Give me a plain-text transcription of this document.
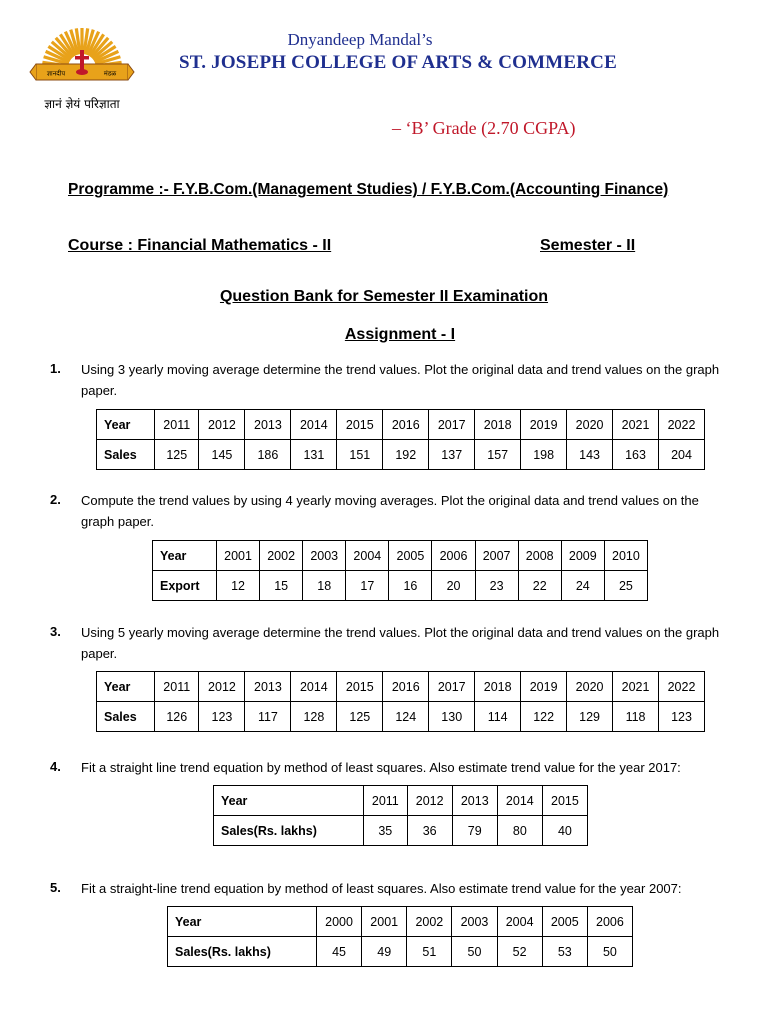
ज्ञानदीप	मंडळ
ज्ञानं ज्ञेयं परिज्ञाता
Dnyandeep Mandal’s
ST. JOSEPH COLLEGE OF ARTS & COMMERCE
– ‘B’ Grade (2.70 CGPA)
Programme :- F.Y.B.Com.(Management Studies) / F.Y.B.Com.(Accounting Finance)
Course : Financial Mathematics - II	Semester - II
Question Bank for Semester II Examination
Assignment - I
1. Using 3 yearly moving average determine the trend values. Plot the original data and trend values on the graph paper.
Year	2011	2012	2013	2014	2015	2016	2017	2018	2019	2020	2021	2022
Sales	125	145	186	131	151	192	137	157	198	143	163	204
2. Compute the trend values by using 4 yearly moving averages. Plot the original data and trend values on the graph paper.
Year	2001	2002	2003	2004	2005	2006	2007	2008	2009	2010
Export	12	15	18	17	16	20	23	22	24	25
3. Using 5 yearly moving average determine the trend values. Plot the original data and trend values on the graph paper.
Year	2011	2012	2013	2014	2015	2016	2017	2018	2019	2020	2021	2022
Sales	126	123	117	128	125	124	130	114	122	129	118	123
4. Fit a straight line trend equation by method of least squares. Also estimate trend value for the year 2017:
Year	2011	2012	2013	2014	2015
Sales(Rs. lakhs)	35	36	79	80	40
5. Fit a straight-line trend equation by method of least squares. Also estimate trend value for the year 2007:
Year	2000	2001	2002	2003	2004	2005	2006
Sales(Rs. lakhs)	45	49	51	50	52	53	50
